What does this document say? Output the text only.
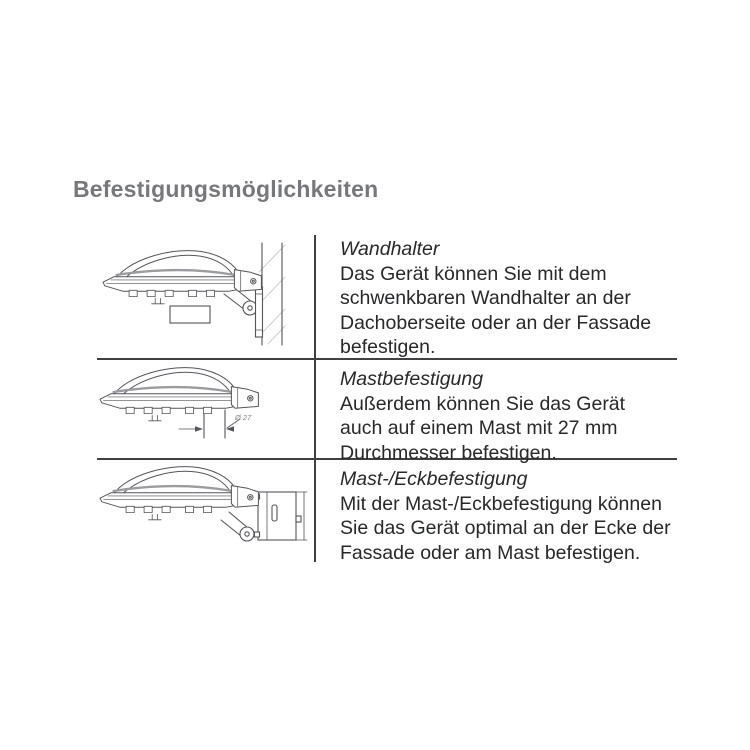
Befestigungsmöglichkeiten
Wandhalter
Das Gerät können Sie mit dem
schwenkbaren Wandhalter an der
Dachoberseite oder an der Fassade
befestigen.
Ø 27
Mastbefestigung
Außerdem können Sie das Gerät
auch auf einem Mast mit 27 mm
Durchmesser befestigen.
Mast-/Eckbefestigung
Mit der Mast-/Eckbefestigung können
Sie das Gerät optimal an der Ecke der
Fassade oder am Mast befestigen.
